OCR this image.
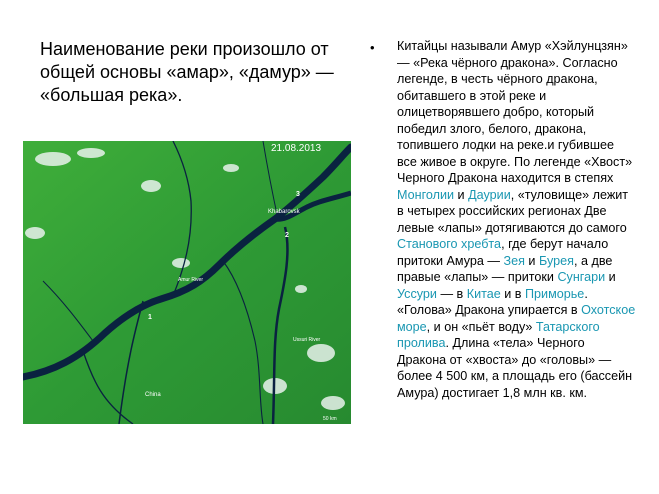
Наименование реки произошло от общей основы «амар», «дамур» — «большая река».
21.08.2013
3
Khabarovsk
2
Amur River
Ussuri River
1
China
50 km
• Китайцы называли Амур «Хэйлунцзян» — «Река чёрного дракона». Согласно легенде, в честь чёрного дракона, обитавшего в этой реке и олицетворявшего добро, который победил злого, белого, дракона, топившего лодки на реке.и губившее все живое в округе. По легенде «Хвост» Черного Дракона находится в степях Монголии и Даурии, «туловище» лежит в четырех российских регионах Две левые «лапы» дотягиваются до самого Станового хребта, где берут начало притоки Амура — Зея и Бурея, а две правые «лапы» — притоки Сунгари и Уссури — в Китае и в Приморье. «Голова» Дракона упирается в Охотское море, и он «пьёт воду» Татарского пролива. Длина «тела» Черного Дракона от «хвоста» до «головы» — более 4 500 км, а площадь его (бассейн Амура) достигает 1,8 млн кв. км.
